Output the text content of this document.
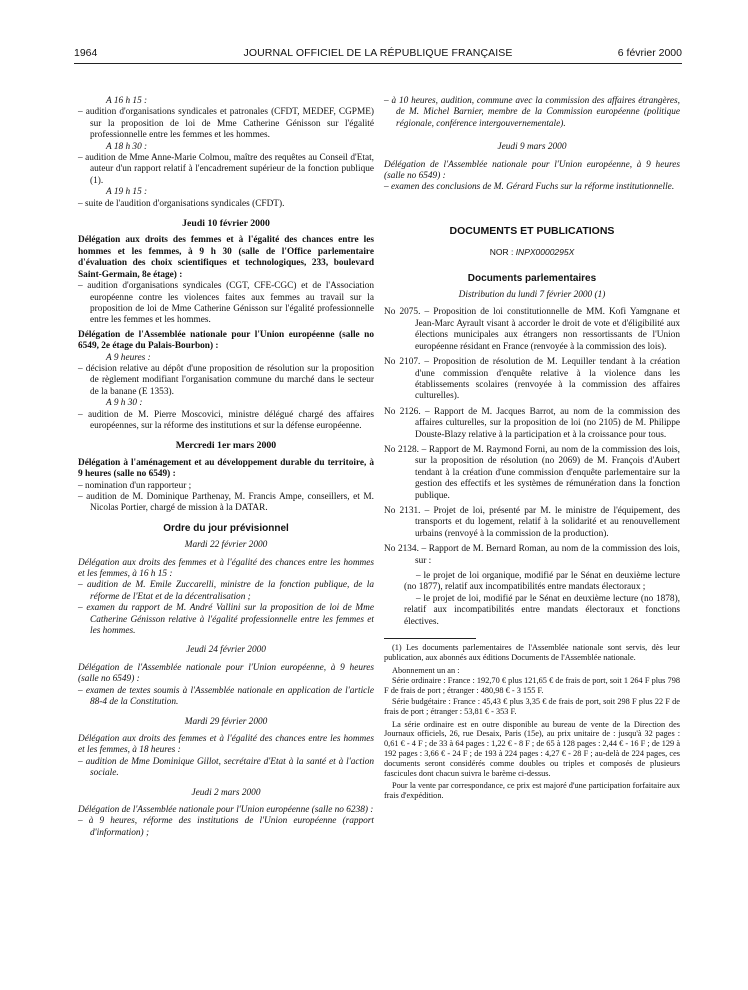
1964	JOURNAL OFFICIEL DE LA RÉPUBLIQUE FRANÇAISE	6 février 2000

A 16 h 15 :

– audition d'organisations syndicales et patronales (CFDT, MEDEF, CGPME) sur la proposition de loi de Mme Catherine Génisson sur l'égalité professionnelle entre les femmes et les hommes.

A 18 h 30 :

– audition de Mme Anne-Marie Colmou, maître des requêtes au Conseil d'Etat, auteur d'un rapport relatif à l'encadrement supérieur de la fonction publique (1).

A 19 h 15 :

– suite de l'audition d'organisations syndicales (CFDT).

Jeudi 10 février 2000

Délégation aux droits des femmes et à l'égalité des chances entre les hommes et les femmes, à 9 h 30 (salle de l'Office parlementaire d'évaluation des choix scientifiques et technologiques, 233, boulevard Saint-Germain, 8e étage) :

– audition d'organisations syndicales (CGT, CFE-CGC) et de l'Association européenne contre les violences faites aux femmes au travail sur la proposition de loi de Mme Catherine Génisson sur l'égalité professionnelle entre les femmes et les hommes.

Délégation de l'Assemblée nationale pour l'Union européenne (salle no 6549, 2e étage du Palais-Bourbon) :

A 9 heures :

– décision relative au dépôt d'une proposition de résolution sur la proposition de règlement modifiant l'organisation commune du marché dans le secteur de la banane (E 1353).

A 9 h 30 :

– audition de M. Pierre Moscovici, ministre délégué chargé des affaires européennes, sur la réforme des institutions et sur la défense européenne.

Mercredi 1er mars 2000

Délégation à l'aménagement et au développement durable du territoire, à 9 heures (salle no 6549) :

– nomination d'un rapporteur ;

– audition de M. Dominique Parthenay, M. Francis Ampe, conseillers, et M. Nicolas Portier, chargé de mission à la DATAR.

Ordre du jour prévisionnel

Mardi 22 février 2000

Délégation aux droits des femmes et à l'égalité des chances entre les hommes et les femmes, à 16 h 15 :

– audition de M. Emile Zuccarelli, ministre de la fonction publique, de la réforme de l'Etat et de la décentralisation ;

– examen du rapport de M. André Vallini sur la proposition de loi de Mme Catherine Génisson relative à l'égalité professionnelle entre les femmes et les hommes.

Jeudi 24 février 2000

Délégation de l'Assemblée nationale pour l'Union européenne, à 9 heures (salle no 6549) :

– examen de textes soumis à l'Assemblée nationale en application de l'article 88-4 de la Constitution.

Mardi 29 février 2000

Délégation aux droits des femmes et à l'égalité des chances entre les hommes et les femmes, à 18 heures :

– audition de Mme Dominique Gillot, secrétaire d'Etat à la santé et à l'action sociale.

Jeudi 2 mars 2000

Délégation de l'Assemblée nationale pour l'Union européenne (salle no 6238) :

– à 9 heures, réforme des institutions de l'Union européenne (rapport d'information) ;

– à 10 heures, audition, commune avec la commission des affaires étrangères, de M. Michel Barnier, membre de la Commission européenne (politique régionale, conférence intergouvernementale).

Jeudi 9 mars 2000

Délégation de l'Assemblée nationale pour l'Union européenne, à 9 heures (salle no 6549) :

– examen des conclusions de M. Gérard Fuchs sur la réforme institutionnelle.

DOCUMENTS ET PUBLICATIONS

NOR : INPX0000295X

Documents parlementaires

Distribution du lundi 7 février 2000 (1)

No 2075. – Proposition de loi constitutionnelle de MM. Kofi Yamgnane et Jean-Marc Ayrault visant à accorder le droit de vote et d'éligibilité aux élections municipales aux étrangers non ressortissants de l'Union européenne résidant en France (renvoyée à la commission des lois).

No 2107. – Proposition de résolution de M. Lequiller tendant à la création d'une commission d'enquête relative à la violence dans les établissements scolaires (renvoyée à la commission des affaires culturelles).

No 2126. – Rapport de M. Jacques Barrot, au nom de la commission des affaires culturelles, sur la proposition de loi (no 2105) de M. Philippe Douste-Blazy relative à la participation et à la croissance pour tous.

No 2128. – Rapport de M. Raymond Forni, au nom de la commission des lois, sur la proposition de résolution (no 2069) de M. François d'Aubert tendant à la création d'une commission d'enquête parlementaire sur la gestion des effectifs et les systèmes de rémunération dans la fonction publique.

No 2131. – Projet de loi, présenté par M. le ministre de l'équipement, des transports et du logement, relatif à la solidarité et au renouvellement urbains (renvoyé à la commission de la production).

No 2134. – Rapport de M. Bernard Roman, au nom de la commission des lois, sur :

– le projet de loi organique, modifié par le Sénat en deuxième lecture (no 1877), relatif aux incompatibilités entre mandats électoraux ;

– le projet de loi, modifié par le Sénat en deuxième lecture (no 1878), relatif aux incompatibilités entre mandats électoraux et fonctions électives.

(1) Les documents parlementaires de l'Assemblée nationale sont servis, dès leur publication, aux abonnés aux éditions Documents de l'Assemblée nationale.

Abonnement un an :

Série ordinaire : France : 192,70 € plus 121,65 € de frais de port, soit 1 264 F plus 798 F de frais de port ; étranger : 480,98 € - 3 155 F.

Série budgétaire : France : 45,43 € plus 3,35 € de frais de port, soit 298 F plus 22 F de frais de port ; étranger : 53,81 € - 353 F.

La série ordinaire est en outre disponible au bureau de vente de la Direction des Journaux officiels, 26, rue Desaix, Paris (15e), au prix unitaire de : jusqu'à 32 pages : 0,61 € - 4 F ; de 33 à 64 pages : 1,22 € - 8 F ; de 65 à 128 pages : 2,44 € - 16 F ; de 129 à 192 pages : 3,66 € - 24 F ; de 193 à 224 pages : 4,27 € - 28 F ; au-delà de 224 pages, ces documents seront considérés comme doubles ou triples et composés de plusieurs fascicules dont chacun suivra le barème ci-dessus.

Pour la vente par correspondance, ce prix est majoré d'une participation forfaitaire aux frais d'expédition.
